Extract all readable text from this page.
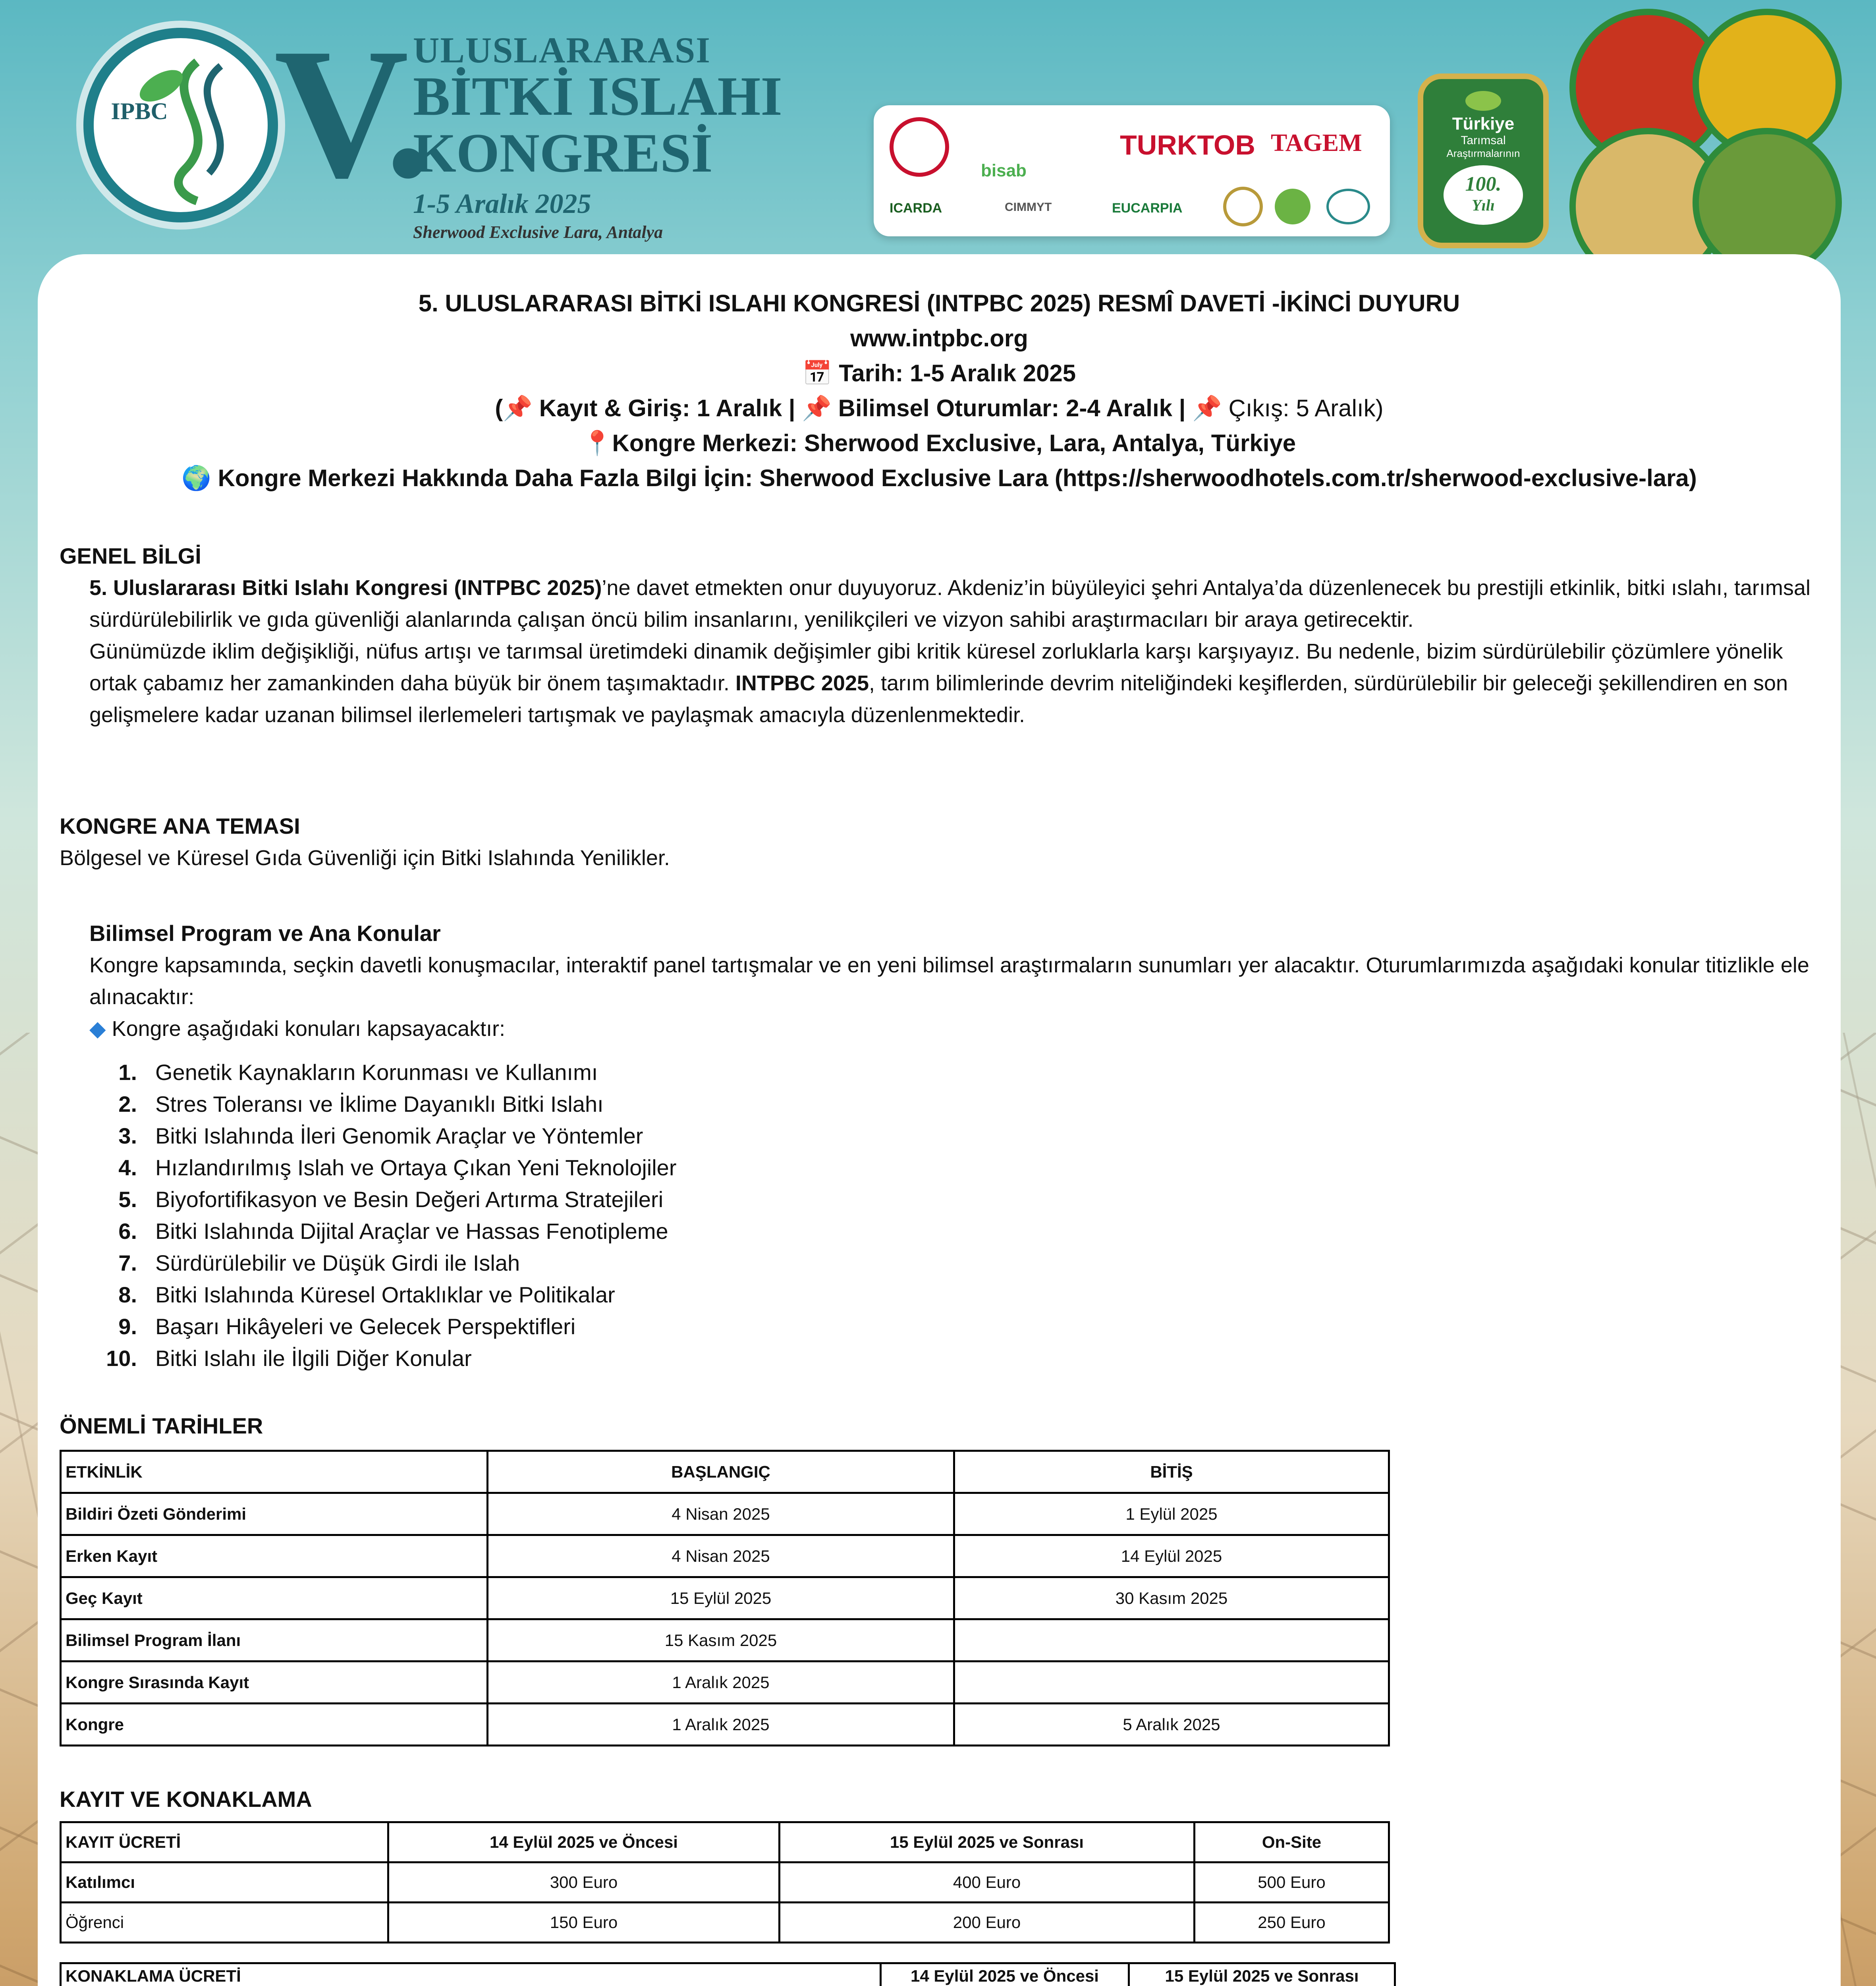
IPBC V.
ULUSLARARASI
BİTKİ ISLAHI
KONGRESİ
1-5 Aralık 2025
Sherwood Exclusive Lara, Antalya
bisab
TURKTOB TAGEM
ICARDA	CIMMYT	EUCARPIA
Türkiye
Tarımsal
Araştırmalarının
100.
Yılı
5. ULUSLARARASI BİTKİ ISLAHI KONGRESİ (INTPBC 2025) RESMÎ DAVETİ -İKİNCİ DUYURU
www.intpbc.org
📅 Tarih: 1-5 Aralık 2025
(📌 Kayıt & Giriş: 1 Aralık | 📌 Bilimsel Oturumlar: 2-4 Aralık | 📌 Çıkış: 5 Aralık)
📍Kongre Merkezi: Sherwood Exclusive, Lara, Antalya, Türkiye
🌍 Kongre Merkezi Hakkında Daha Fazla Bilgi İçin: Sherwood Exclusive Lara (https://sherwoodhotels.com.tr/sherwood-exclusive-lara)
GENEL BİLGİ
5. Uluslararası Bitki Islahı Kongresi (INTPBC 2025)’ne davet etmekten onur duyuyoruz. Akdeniz’in büyüleyici şehri Antalya’da düzenlenecek bu prestijli etkinlik, bitki ıslahı, tarımsal sürdürülebilirlik ve gıda güvenliği alanlarında çalışan öncü bilim insanlarını, yenilikçileri ve vizyon sahibi araştırmacıları bir araya getirecektir.
Günümüzde iklim değişikliği, nüfus artışı ve tarımsal üretimdeki dinamik değişimler gibi kritik küresel zorluklarla karşı karşıyayız. Bu nedenle, bizim sürdürülebilir çözümlere yönelik ortak çabamız her zamankinden daha büyük bir önem taşımaktadır. INTPBC 2025, tarım bilimlerinde devrim niteliğindeki keşiflerden, sürdürülebilir bir geleceği şekillendiren en son gelişmelere kadar uzanan bilimsel ilerlemeleri tartışmak ve paylaşmak amacıyla düzenlenmektedir.
KONGRE ANA TEMASI
Bölgesel ve Küresel Gıda Güvenliği için Bitki Islahında Yenilikler.
Bilimsel Program ve Ana Konular
Kongre kapsamında, seçkin davetli konuşmacılar, interaktif panel tartışmalar ve en yeni bilimsel araştırmaların sunumları yer alacaktır. Oturumlarımızda aşağıdaki konular titizlikle ele alınacaktır:
◆ Kongre aşağıdaki konuları kapsayacaktır:
1. Genetik Kaynakların Korunması ve Kullanımı
2. Stres Toleransı ve İklime Dayanıklı Bitki Islahı
3. Bitki Islahında İleri Genomik Araçlar ve Yöntemler
4. Hızlandırılmış Islah ve Ortaya Çıkan Yeni Teknolojiler
5. Biyofortifikasyon ve Besin Değeri Artırma Stratejileri
6. Bitki Islahında Dijital Araçlar ve Hassas Fenotipleme
7. Sürdürülebilir ve Düşük Girdi ile Islah
8. Bitki Islahında Küresel Ortaklıklar ve Politikalar
9. Başarı Hikâyeleri ve Gelecek Perspektifleri
10. Bitki Islahı ile İlgili Diğer Konular
ÖNEMLİ TARİHLER
ETKİNLİK	BAŞLANGIÇ	BİTİŞ
Bildiri Özeti Gönderimi	4 Nisan 2025	1 Eylül 2025
Erken Kayıt	4 Nisan 2025	14 Eylül 2025
Geç Kayıt	15 Eylül 2025	30 Kasım 2025
Bilimsel Program İlanı	15 Kasım 2025	
Kongre Sırasında Kayıt	1 Aralık 2025	
Kongre	1 Aralık 2025	5 Aralık 2025
KAYIT VE KONAKLAMA
KAYIT ÜCRETİ	14 Eylül 2025 ve Öncesi	15 Eylül 2025 ve Sonrası	On-Site
Katılımcı	300 Euro	400 Euro	500 Euro
Öğrenci	150 Euro	200 Euro	250 Euro
KONAKLAMA ÜCRETİ	14 Eylül 2025 ve Öncesi	15 Eylül 2025 ve Sonrası
